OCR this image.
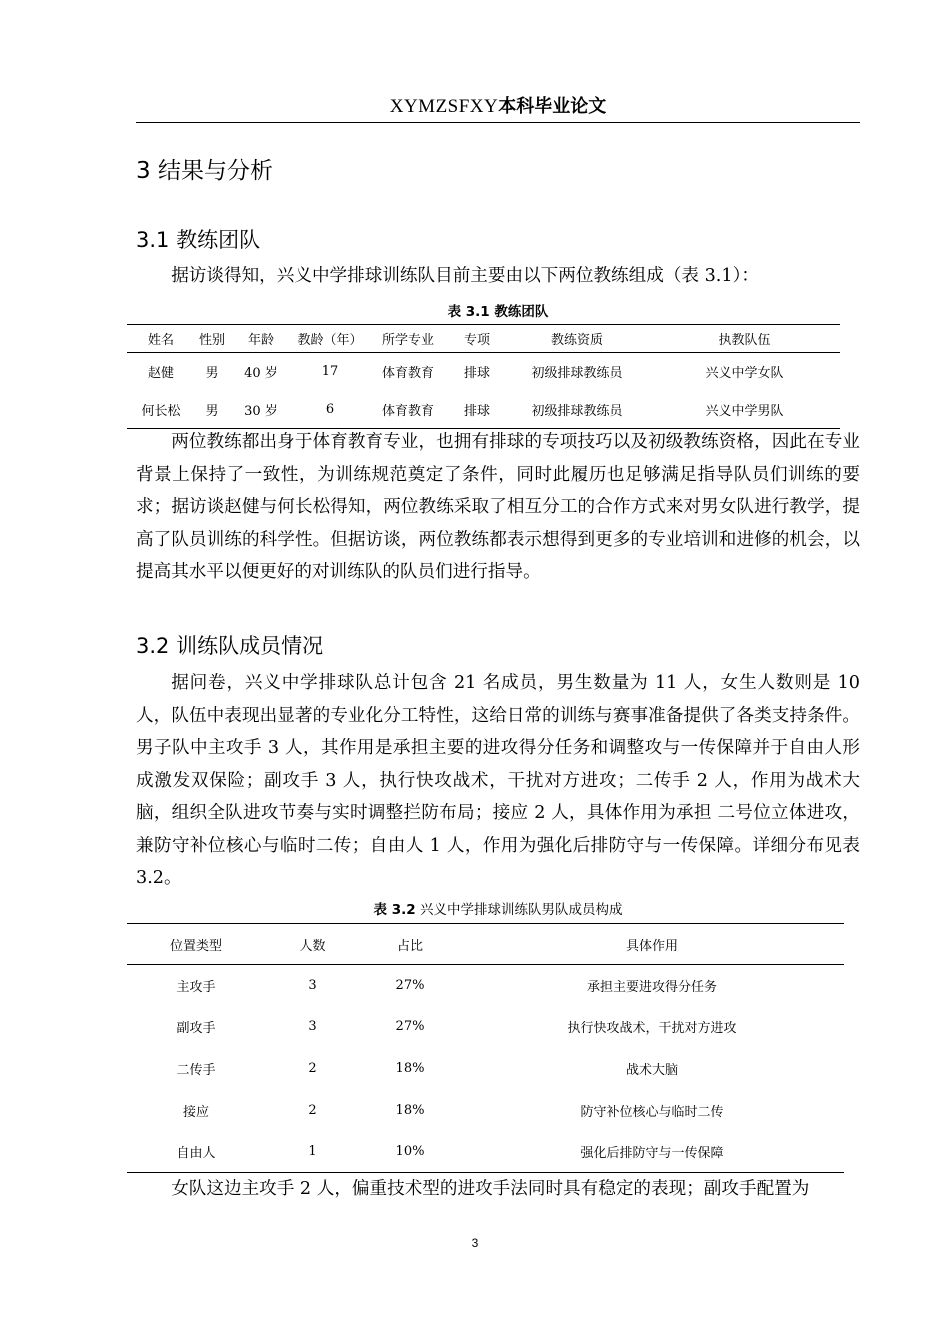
XYMZSFXY本科毕业论文
3 结果与分析
3.1 教练团队

据访谈得知，兴义中学排球训练队目前主要由以下两位教练组成（表 3.1）：

表 3.1 教练团队
姓名	性别	年龄	教龄（年）	所学专业	专项	教练资质	执教队伍
赵健	男	40 岁	17	体育教育	排球	初级排球教练员	兴义中学女队
何长松	男	30 岁	6	体育教育	排球	初级排球教练员	兴义中学男队

两位教练都出身于体育教育专业，也拥有排球的专项技巧以及初级教练资格，因此在专业背景上保持了一致性，为训练规范奠定了条件，同时此履历也足够满足指导队员们训练的要求；据访谈赵健与何长松得知，两位教练采取了相互分工的合作方式来对男女队进行教学，提高了队员训练的科学性。但据访谈，两位教练都表示想得到更多的专业培训和进修的机会，以提高其水平以便更好的对训练队的队员们进行指导。

3.2 训练队成员情况

据问卷，兴义中学排球队总计包含 21 名成员，男生数量为 11 人，女生人数则是 10 人，队伍中表现出显著的专业化分工特性，这给日常的训练与赛事准备提供了各类支持条件。男子队中主攻手 3 人，其作用是承担主要的进攻得分任务和调整攻与一传保障并于自由人形成激发双保险；副攻手 3 人，执行快攻战术，干扰对方进攻；二传手 2 人，作用为战术大脑，组织全队进攻节奏与实时调整拦防布局；接应 2 人，具体作用为承担 二号位立体进攻，兼防守补位核心与临时二传；自由人 1 人，作用为强化后排防守与一传保障。详细分布见表 3.2。

表 3.2 兴义中学排球训练队男队成员构成
位置类型	人数	占比	具体作用
主攻手	3	27%	承担主要进攻得分任务
副攻手	3	27%	执行快攻战术，干扰对方进攻
二传手	2	18%	战术大脑
接应	2	18%	防守补位核心与临时二传
自由人	1	10%	强化后排防守与一传保障

女队这边主攻手 2 人，偏重技术型的进攻手法同时具有稳定的表现；副攻手配置为

3
